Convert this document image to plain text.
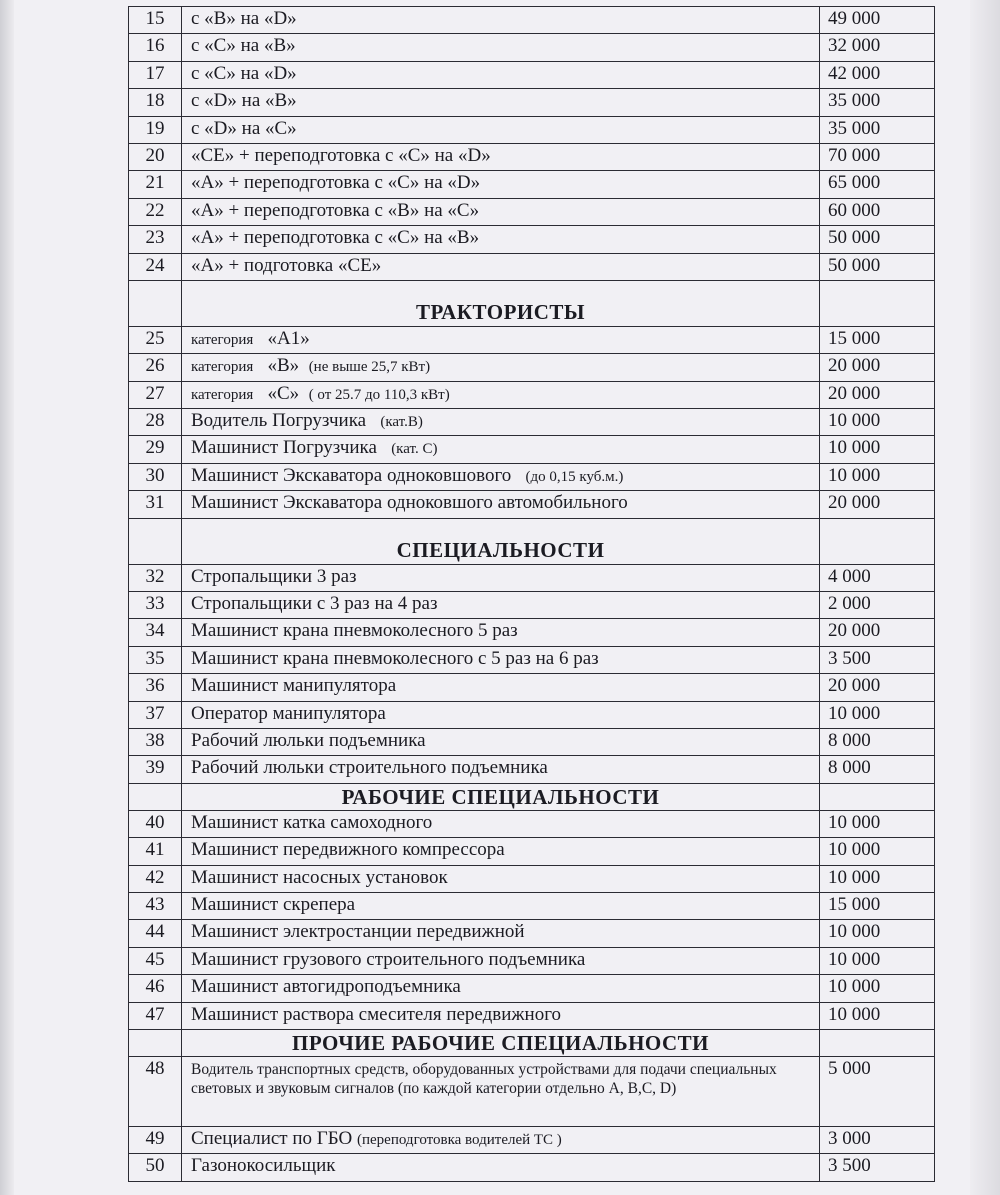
15	с «В» на «D»	49 000
16	с «С» на «В»	32 000
17	с «С» на «D»	42 000
18	с «D» на «В»	35 000
19	с «D» на «С»	35 000
20	«СЕ» + переподготовка с «С» на «D»	70 000
21	«А» + переподготовка с «С» на «D»	65 000
22	«А» + переподготовка с «В» на «С»	60 000
23	«А» + переподготовка с «С» на «В»	50 000
24	«А» + подготовка «СЕ»	50 000
	ТРАКТОРИСТЫ	
25	категория «А1»	15 000
26	категория «В» (не выше 25,7 кВт)	20 000
27	категория «С» ( от 25.7 до 110,3 кВт)	20 000
28	Водитель Погрузчика (кат.В)	10 000
29	Машинист Погрузчика (кат. С)	10 000
30	Машинист Экскаватора одноковшового (до 0,15 куб.м.)	10 000
31	Машинист Экскаватора одноковшого автомобильного	20 000
	СПЕЦИАЛЬНОСТИ	
32	Стропальщики 3 раз	4 000
33	Стропальщики с 3 раз на 4 раз	2 000
34	Машинист крана пневмоколесного 5 раз	20 000
35	Машинист крана пневмоколесного с 5 раз на 6 раз	3 500
36	Машинист манипулятора	20 000
37	Оператор манипулятора	10 000
38	Рабочий люльки подъемника	8 000
39	Рабочий люльки строительного подъемника	8 000
	РАБОЧИЕ СПЕЦИАЛЬНОСТИ	
40	Машинист катка самоходного	10 000
41	Машинист передвижного компрессора	10 000
42	Машинист насосных установок	10 000
43	Машинист скрепера	15 000
44	Машинист электростанции передвижной	10 000
45	Машинист грузового строительного подъемника	10 000
46	Машинист автогидроподъемника	10 000
47	Машинист раствора смесителя передвижного	10 000
	ПРОЧИЕ РАБОЧИЕ СПЕЦИАЛЬНОСТИ	
48	Водитель транспортных средств, оборудованных устройствами для подачи специальных световых и звуковым сигналов (по каждой категории отдельно А, В,С, D)	5 000
49	Специалист по ГБО (переподготовка водителей ТС )	3 000
50	Газонокосильщик	3 500
